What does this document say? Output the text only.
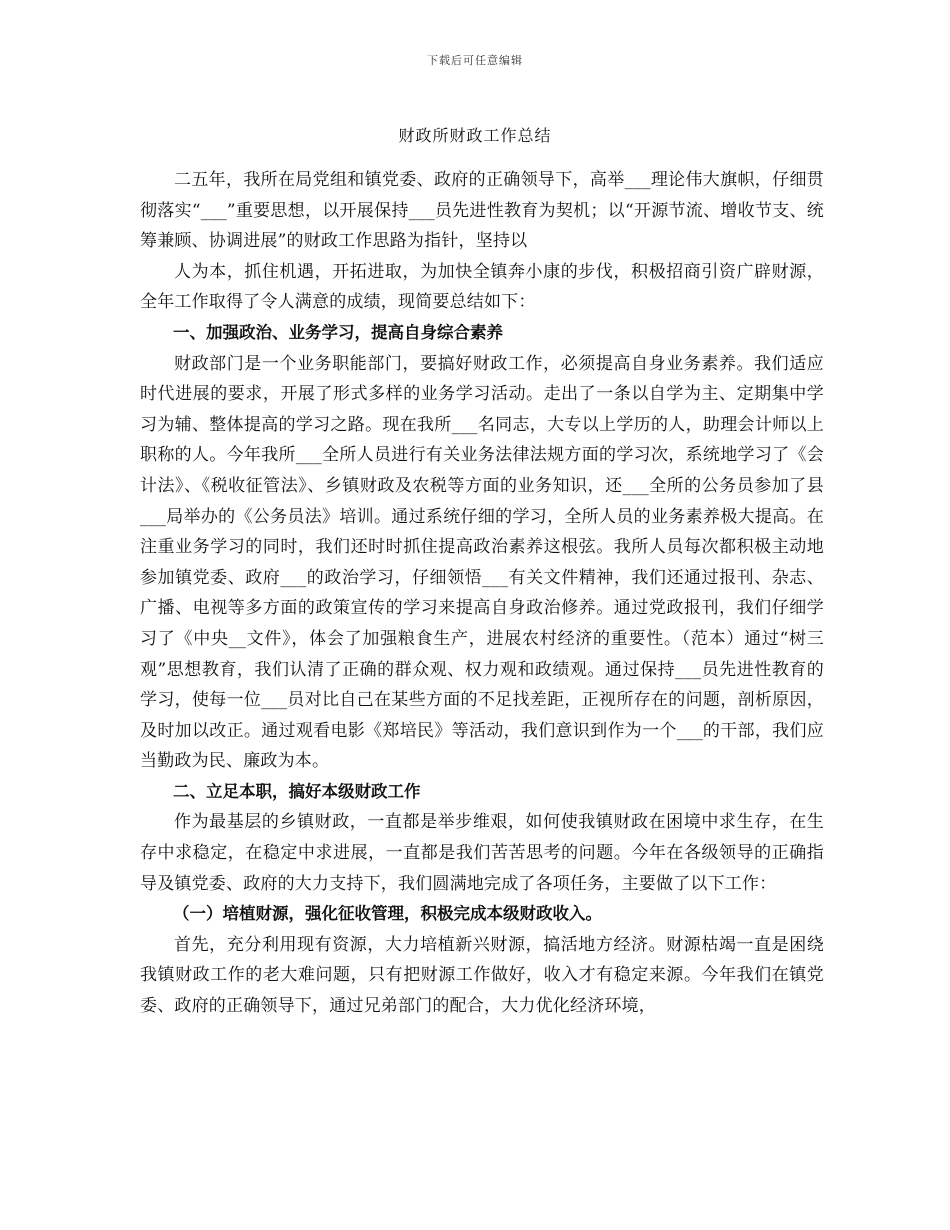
下载后可任意编辑
财政所财政工作总结

二五年，我所在局党组和镇党委、政府的正确领导下，高举___理论伟大旗帜，仔细贯彻落实“___”重要思想，以开展保持___员先进性教育为契机；以“开源节流、增收节支、统筹兼顾、协调进展”的财政工作思路为指针，坚持以

人为本，抓住机遇，开拓进取，为加快全镇奔小康的步伐，积极招商引资广辟财源，全年工作取得了令人满意的成绩，现简要总结如下：

一、加强政治、业务学习，提高自身综合素养

财政部门是一个业务职能部门，要搞好财政工作，必须提高自身业务素养。我们适应时代进展的要求，开展了形式多样的业务学习活动。走出了一条以自学为主、定期集中学习为辅、整体提高的学习之路。现在我所___名同志，大专以上学历的人，助理会计师以上职称的人。今年我所___全所人员进行有关业务法律法规方面的学习次，系统地学习了《会计法》、《税收征管法》、乡镇财政及农税等方面的业务知识，还___全所的公务员参加了县___局举办的《公务员法》培训。通过系统仔细的学习，全所人员的业务素养极大提高。在注重业务学习的同时，我们还时时抓住提高政治素养这根弦。我所人员每次都积极主动地参加镇党委、政府___的政治学习，仔细领悟___有关文件精神，我们还通过报刊、杂志、广播、电视等多方面的政策宣传的学习来提高自身政治修养。通过党政报刊，我们仔细学习了《中央__文件》，体会了加强粮食生产，进展农村经济的重要性。（范本）通过“树三观”思想教育，我们认清了正确的群众观、权力观和政绩观。通过保持___员先进性教育的学习，使每一位___员对比自己在某些方面的不足找差距，正视所存在的问题，剖析原因，及时加以改正。通过观看电影《郑培民》等活动，我们意识到作为一个___的干部，我们应当勤政为民、廉政为本。

二、立足本职，搞好本级财政工作

作为最基层的乡镇财政，一直都是举步维艰，如何使我镇财政在困境中求生存，在生存中求稳定，在稳定中求进展，一直都是我们苦苦思考的问题。今年在各级领导的正确指导及镇党委、政府的大力支持下，我们圆满地完成了各项任务，主要做了以下工作：

（一）培植财源，强化征收管理，积极完成本级财政收入。

首先，充分利用现有资源，大力培植新兴财源，搞活地方经济。财源枯竭一直是困绕我镇财政工作的老大难问题，只有把财源工作做好，收入才有稳定来源。今年我们在镇党委、政府的正确领导下，通过兄弟部门的配合，大力优化经济环境，
